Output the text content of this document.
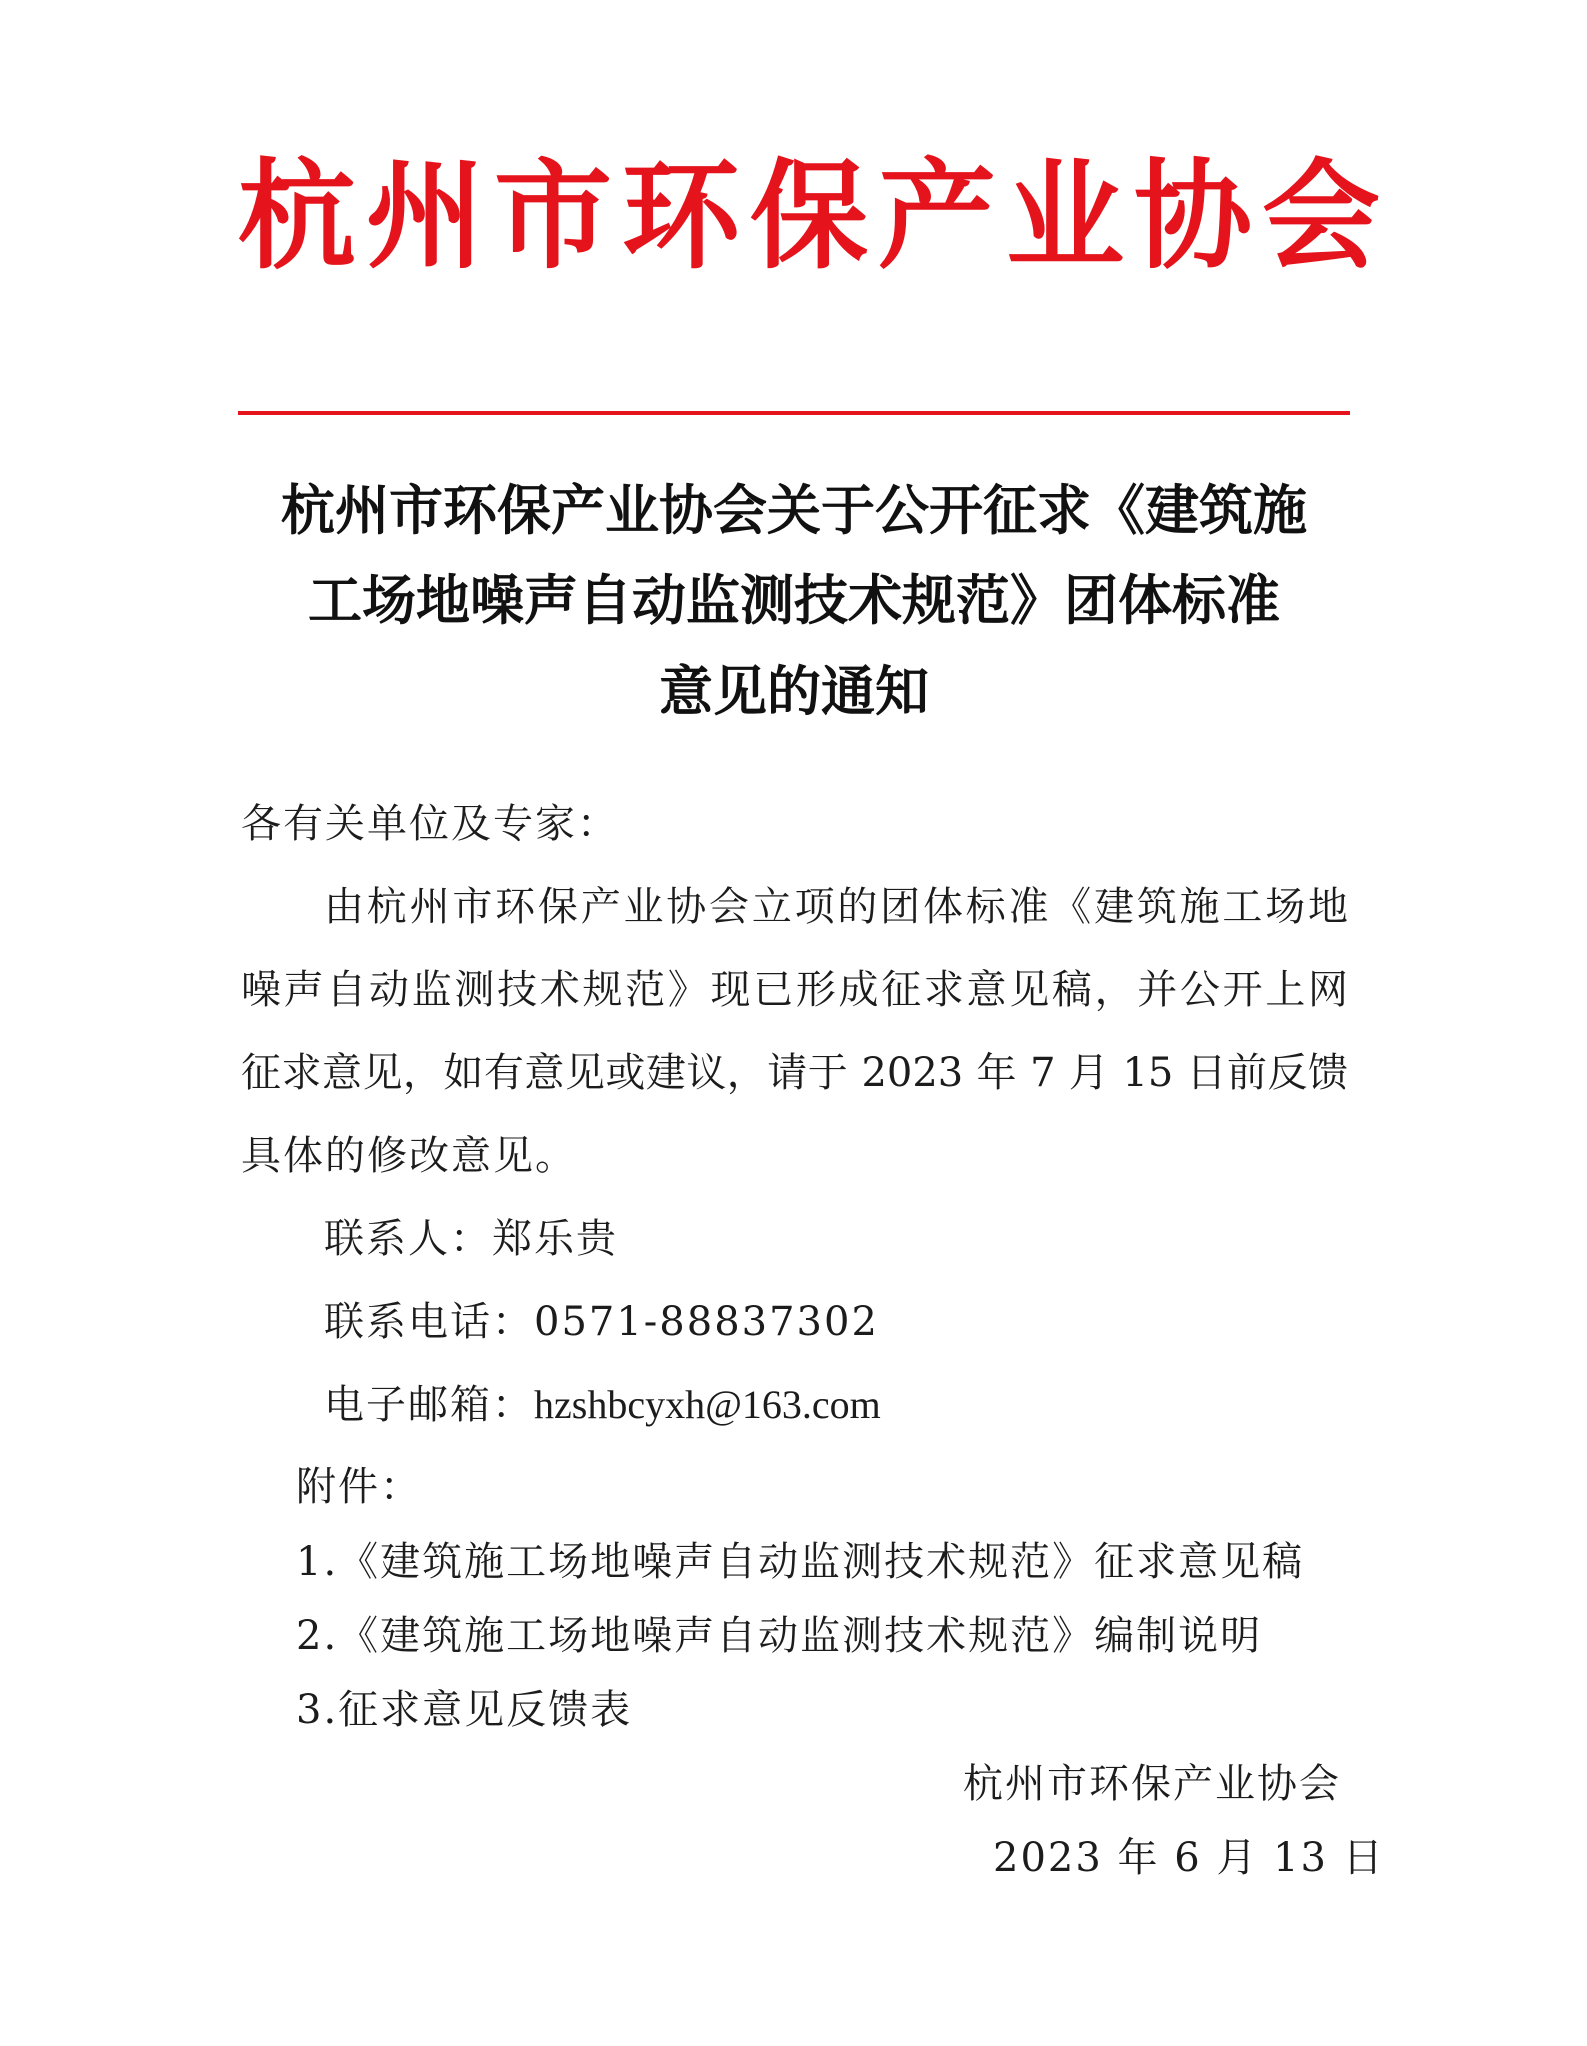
杭州市环保产业协会
杭州市环保产业协会关于公开征求《建筑施
工场地噪声自动监测技术规范》团体标准
意见的通知
各有关单位及专家：
由杭州市环保产业协会立项的团体标准《建筑施工场地
噪声自动监测技术规范》现已形成征求意见稿，并公开上网
征求意见，如有意见或建议，请于 2023 年 7 月 15 日前反馈
具体的修改意见。
联系人：郑乐贵
联系电话：0571-88837302
电子邮箱：hzshbcyxh@163.com
附件：
1.《建筑施工场地噪声自动监测技术规范》征求意见稿
2.《建筑施工场地噪声自动监测技术规范》编制说明
3.征求意见反馈表
杭州市环保产业协会
2023 年 6 月 13 日
